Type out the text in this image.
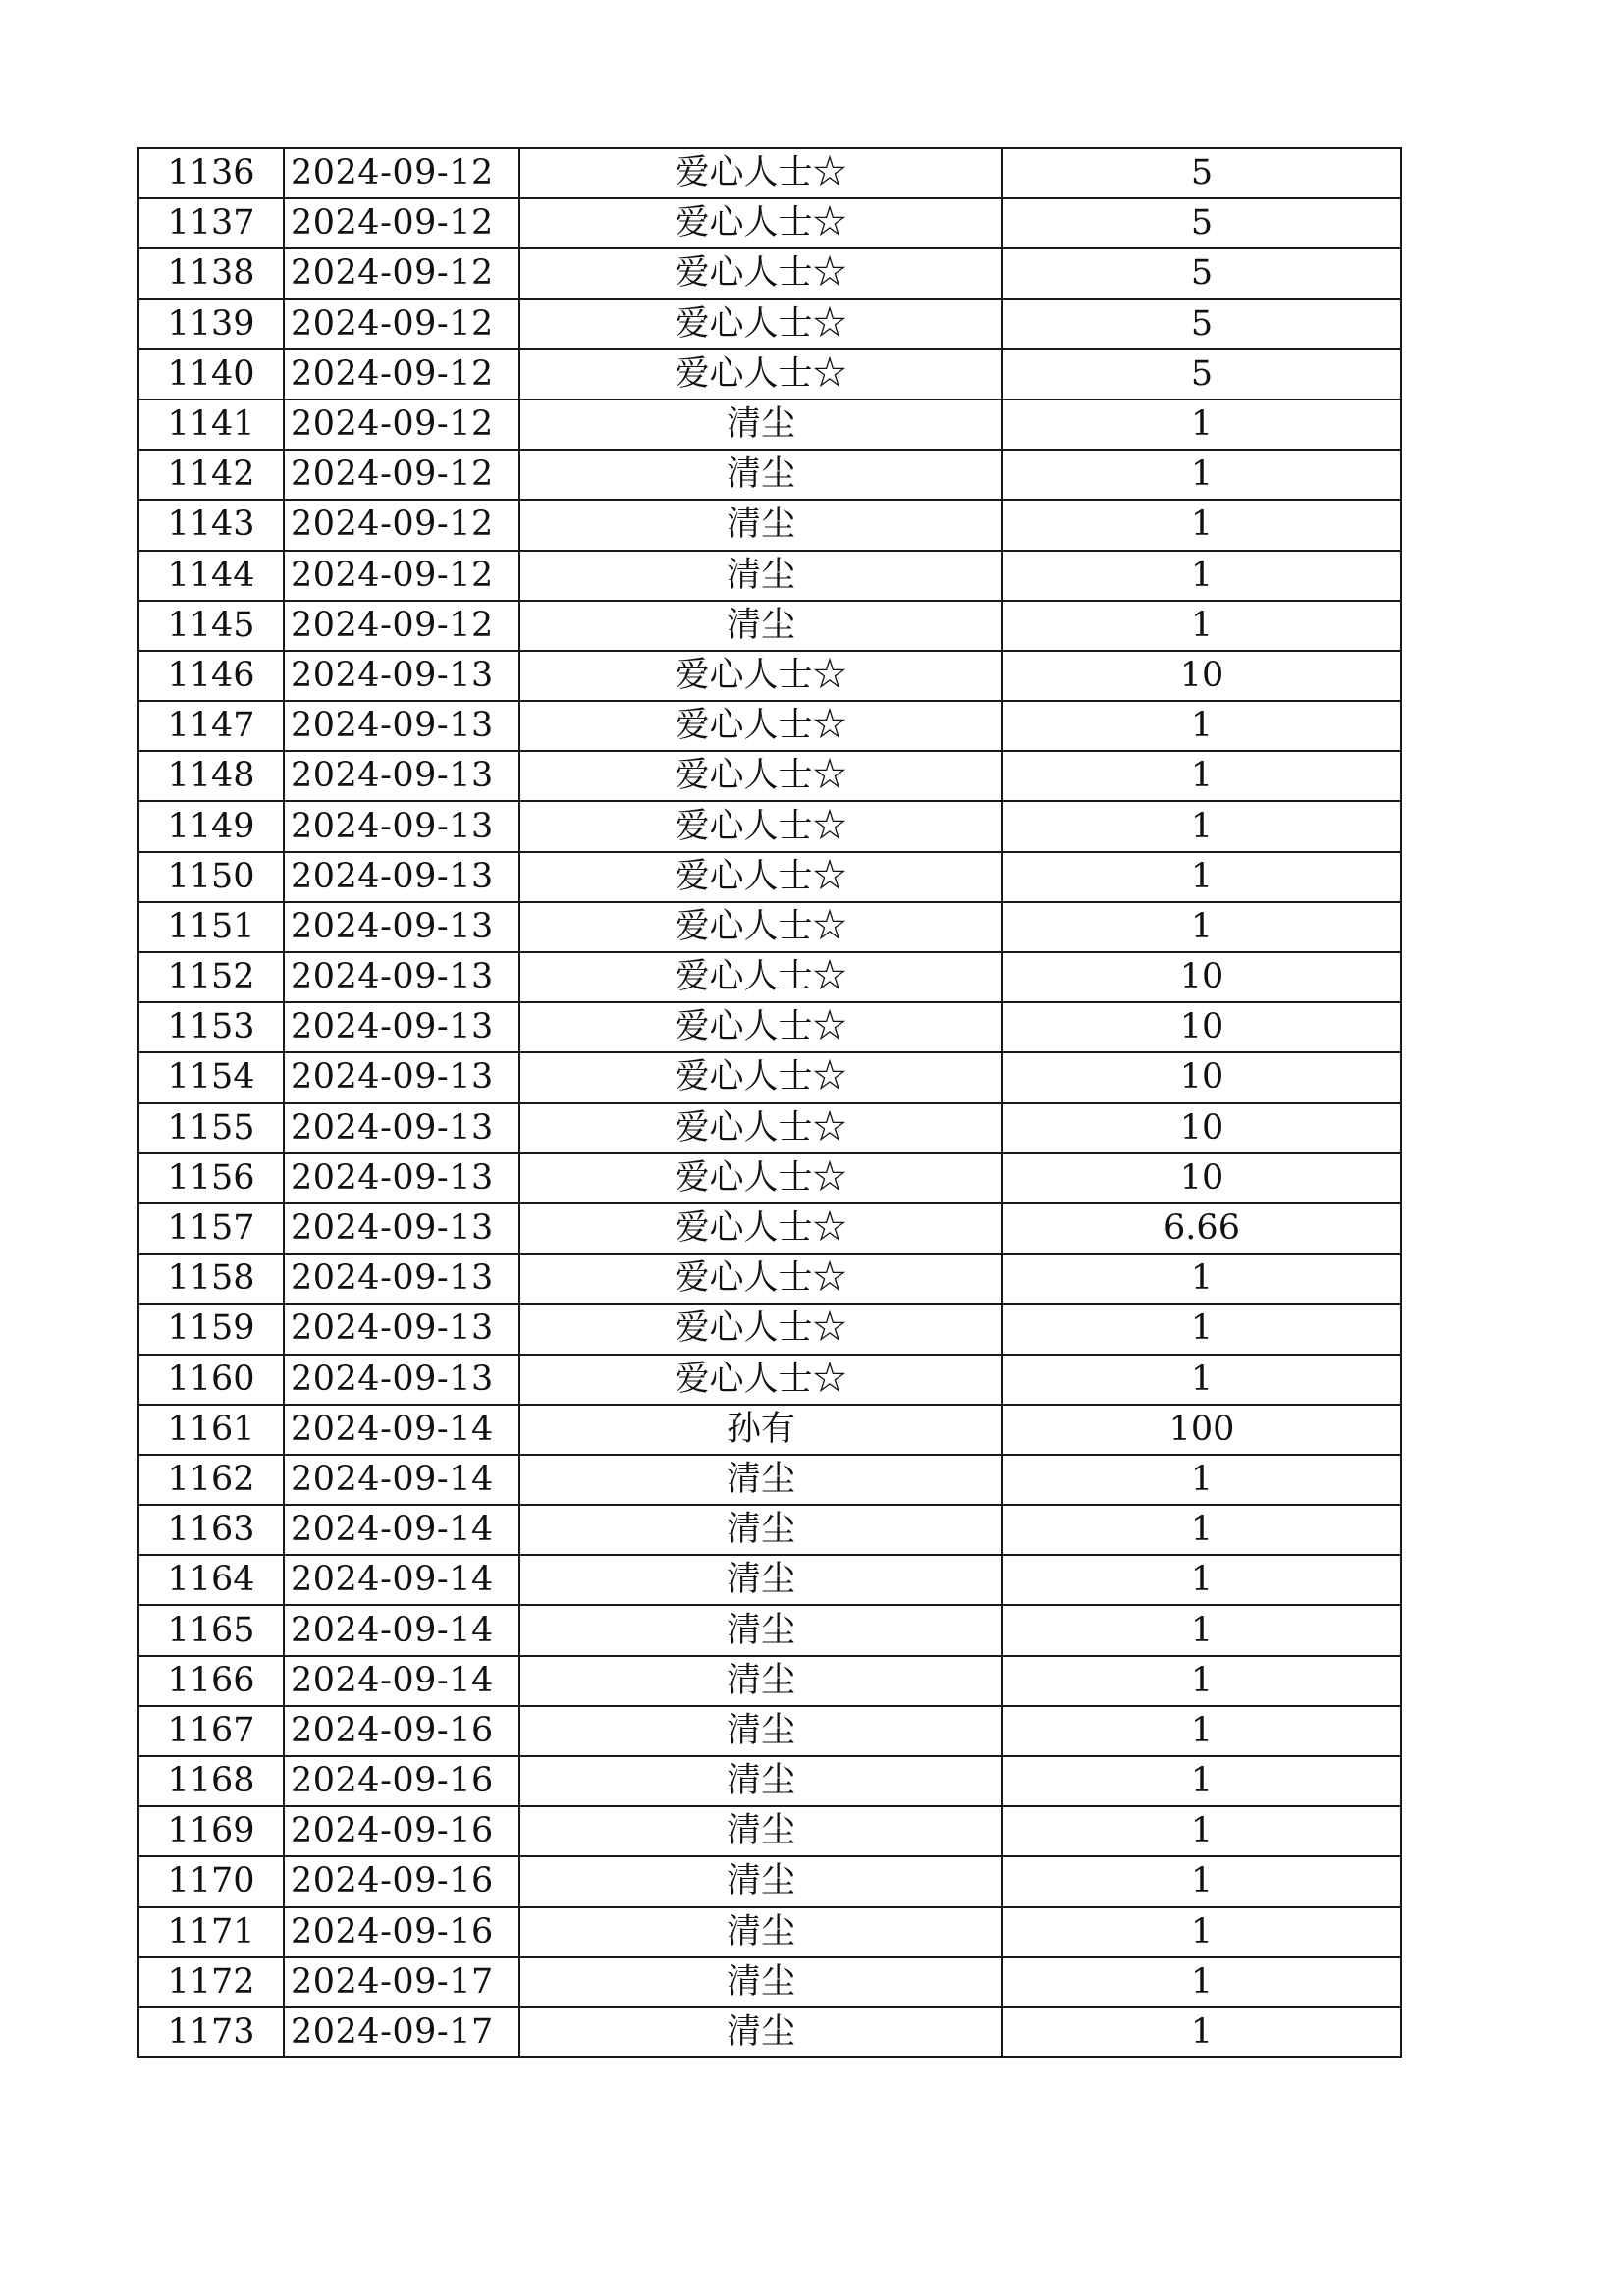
1136	2024-09-12	爱心人士☆	5
1137	2024-09-12	爱心人士☆	5
1138	2024-09-12	爱心人士☆	5
1139	2024-09-12	爱心人士☆	5
1140	2024-09-12	爱心人士☆	5
1141	2024-09-12	清尘	1
1142	2024-09-12	清尘	1
1143	2024-09-12	清尘	1
1144	2024-09-12	清尘	1
1145	2024-09-12	清尘	1
1146	2024-09-13	爱心人士☆	10
1147	2024-09-13	爱心人士☆	1
1148	2024-09-13	爱心人士☆	1
1149	2024-09-13	爱心人士☆	1
1150	2024-09-13	爱心人士☆	1
1151	2024-09-13	爱心人士☆	1
1152	2024-09-13	爱心人士☆	10
1153	2024-09-13	爱心人士☆	10
1154	2024-09-13	爱心人士☆	10
1155	2024-09-13	爱心人士☆	10
1156	2024-09-13	爱心人士☆	10
1157	2024-09-13	爱心人士☆	6.66
1158	2024-09-13	爱心人士☆	1
1159	2024-09-13	爱心人士☆	1
1160	2024-09-13	爱心人士☆	1
1161	2024-09-14	孙有	100
1162	2024-09-14	清尘	1
1163	2024-09-14	清尘	1
1164	2024-09-14	清尘	1
1165	2024-09-14	清尘	1
1166	2024-09-14	清尘	1
1167	2024-09-16	清尘	1
1168	2024-09-16	清尘	1
1169	2024-09-16	清尘	1
1170	2024-09-16	清尘	1
1171	2024-09-16	清尘	1
1172	2024-09-17	清尘	1
1173	2024-09-17	清尘	1
